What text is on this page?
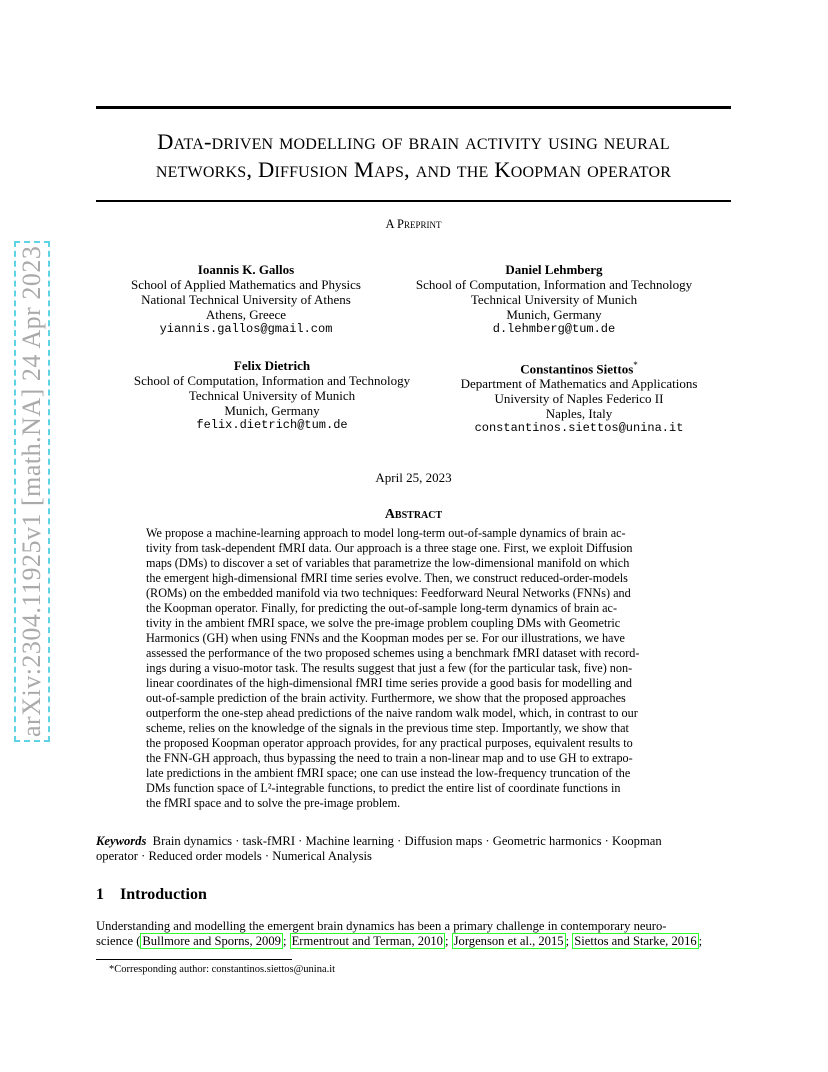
arXiv:2304.11925v1 [math.NA] 24 Apr 2023
Data-driven modelling of brain activity using neural
networks, Diffusion Maps, and the Koopman operator
A Preprint
Ioannis K. Gallos
School of Applied Mathematics and Physics
National Technical University of Athens
Athens, Greece
yiannis.gallos@gmail.com
Daniel Lehmberg
School of Computation, Information and Technology
Technical University of Munich
Munich, Germany
d.lehmberg@tum.de
Felix Dietrich
School of Computation, Information and Technology
Technical University of Munich
Munich, Germany
felix.dietrich@tum.de
Constantinos Siettos*
Department of Mathematics and Applications
University of Naples Federico II
Naples, Italy
constantinos.siettos@unina.it
April 25, 2023
Abstract
We propose a machine-learning approach to model long-term out-of-sample dynamics of brain ac-
tivity from task-dependent fMRI data. Our approach is a three stage one. First, we exploit Diffusion
maps (DMs) to discover a set of variables that parametrize the low-dimensional manifold on which
the emergent high-dimensional fMRI time series evolve. Then, we construct reduced-order-models
(ROMs) on the embedded manifold via two techniques: Feedforward Neural Networks (FNNs) and
the Koopman operator. Finally, for predicting the out-of-sample long-term dynamics of brain ac-
tivity in the ambient fMRI space, we solve the pre-image problem coupling DMs with Geometric
Harmonics (GH) when using FNNs and the Koopman modes per se. For our illustrations, we have
assessed the performance of the two proposed schemes using a benchmark fMRI dataset with record-
ings during a visuo-motor task. The results suggest that just a few (for the particular task, five) non-
linear coordinates of the high-dimensional fMRI time series provide a good basis for modelling and
out-of-sample prediction of the brain activity. Furthermore, we show that the proposed approaches
outperform the one-step ahead predictions of the naive random walk model, which, in contrast to our
scheme, relies on the knowledge of the signals in the previous time step. Importantly, we show that
the proposed Koopman operator approach provides, for any practical purposes, equivalent results to
the FNN-GH approach, thus bypassing the need to train a non-linear map and to use GH to extrapo-
late predictions in the ambient fMRI space; one can use instead the low-frequency truncation of the
DMs function space of L²-integrable functions, to predict the entire list of coordinate functions in
the fMRI space and to solve the pre-image problem.
Keywords Brain dynamics · task-fMRI · Machine learning · Diffusion maps · Geometric harmonics · Koopman
operator · Reduced order models · Numerical Analysis
1 Introduction
Understanding and modelling the emergent brain dynamics has been a primary challenge in contemporary neuro-
science ( Bullmore and Sporns, 2009 ; Ermentrout and Terman, 2010 ; Jorgenson et al., 2015 ; Siettos and Starke, 2016 ;
*Corresponding author: constantinos.siettos@unina.it
